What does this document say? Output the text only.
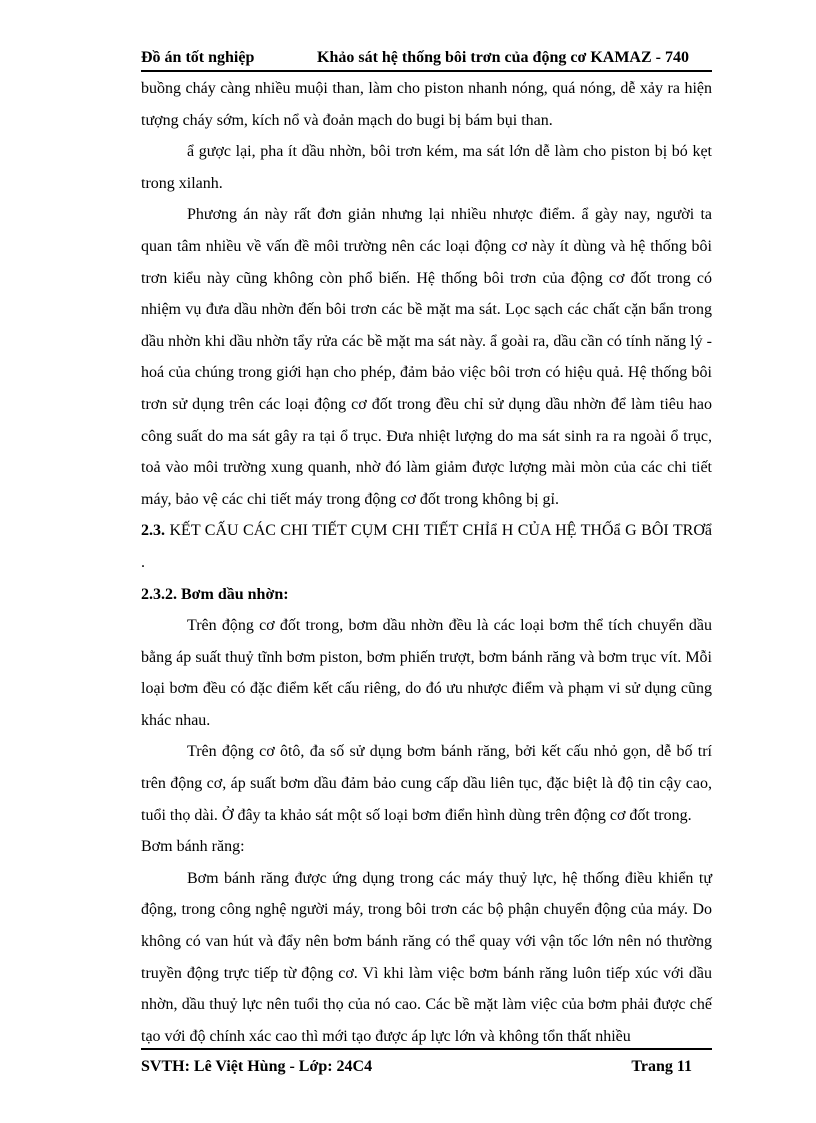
Đồ án tốt nghiệp	Khảo sát hệ thống bôi trơn của động cơ KAMAZ - 740

buồng cháy càng nhiều muội than, làm cho piston nhanh nóng, quá nóng, dễ xảy ra hiện tượng cháy sớm, kích nổ và đoản mạch do bugi bị bám bụi than.

ẩ gược lại, pha ít dầu nhờn, bôi trơn kém, ma sát lớn dễ làm cho piston bị bó kẹt trong xilanh.

Phương án này rất đơn giản nhưng lại nhiều nhược điểm. ẩ gày nay, người ta quan tâm nhiều về vấn đề môi trường nên các loại động cơ này ít dùng và hệ thống bôi trơn kiểu này cũng không còn phổ biến. Hệ thống bôi trơn của động cơ đốt trong có nhiệm vụ đưa dầu nhờn đến bôi trơn các bề mặt ma sát. Lọc sạch các chất cặn bẩn trong dầu nhờn khi dầu nhờn tẩy rửa các bề mặt ma sát này. ẩ goài ra, dầu cần có tính năng lý - hoá của chúng trong giới hạn cho phép, đảm bảo việc bôi trơn có hiệu quả. Hệ thống bôi trơn sử dụng trên các loại động cơ đốt trong đều chỉ sử dụng dầu nhờn để làm tiêu hao công suất do ma sát gây ra tại ổ trục. Đưa nhiệt lượng do ma sát sinh ra ra ngoài ổ trục, toả vào môi trường xung quanh, nhờ đó làm giảm được lượng mài mòn của các chi tiết máy, bảo vệ các chi tiết máy trong động cơ đốt trong không bị gỉ.

2.3. KẾT CẤU CÁC CHI TIẾT CỤM CHI TIẾT CHỈẩ H CỦA HỆ THỐẩ G BÔI TRƠẩ .

2.3.2. Bơm dầu nhờn:

Trên động cơ đốt trong, bơm dầu nhờn đều là các loại bơm thể tích chuyển dầu bằng áp suất thuỷ tĩnh bơm piston, bơm phiến trượt, bơm bánh răng và bơm trục vít. Mỗi loại bơm đều có đặc điểm kết cấu riêng, do đó ưu nhược điểm và phạm vi sử dụng cũng khác nhau.

Trên động cơ ôtô, đa số sử dụng bơm bánh răng, bởi kết cấu nhỏ gọn, dễ bố trí trên động cơ, áp suất bơm dầu đảm bảo cung cấp dầu liên tục, đặc biệt là độ tin cậy cao, tuổi thọ dài. Ở đây ta khảo sát một số loại bơm điển hình dùng trên động cơ đốt trong.

Bơm bánh răng:

Bơm bánh răng được ứng dụng trong các máy thuỷ lực, hệ thống điều khiển tự động, trong công nghệ người máy, trong bôi trơn các bộ phận chuyển động của máy. Do không có van hút và đẩy nên bơm bánh răng có thể quay với vận tốc lớn nên nó thường truyền động trực tiếp từ động cơ. Vì khi làm việc bơm bánh răng luôn tiếp xúc với dầu nhờn, dầu thuỷ lực nên tuổi thọ của nó cao. Các bề mặt làm việc của bơm phải được chế tạo với độ chính xác cao thì mới tạo được áp lực lớn và không tổn thất nhiều

SVTH: Lê Việt Hùng - Lớp: 24C4	Trang 11
